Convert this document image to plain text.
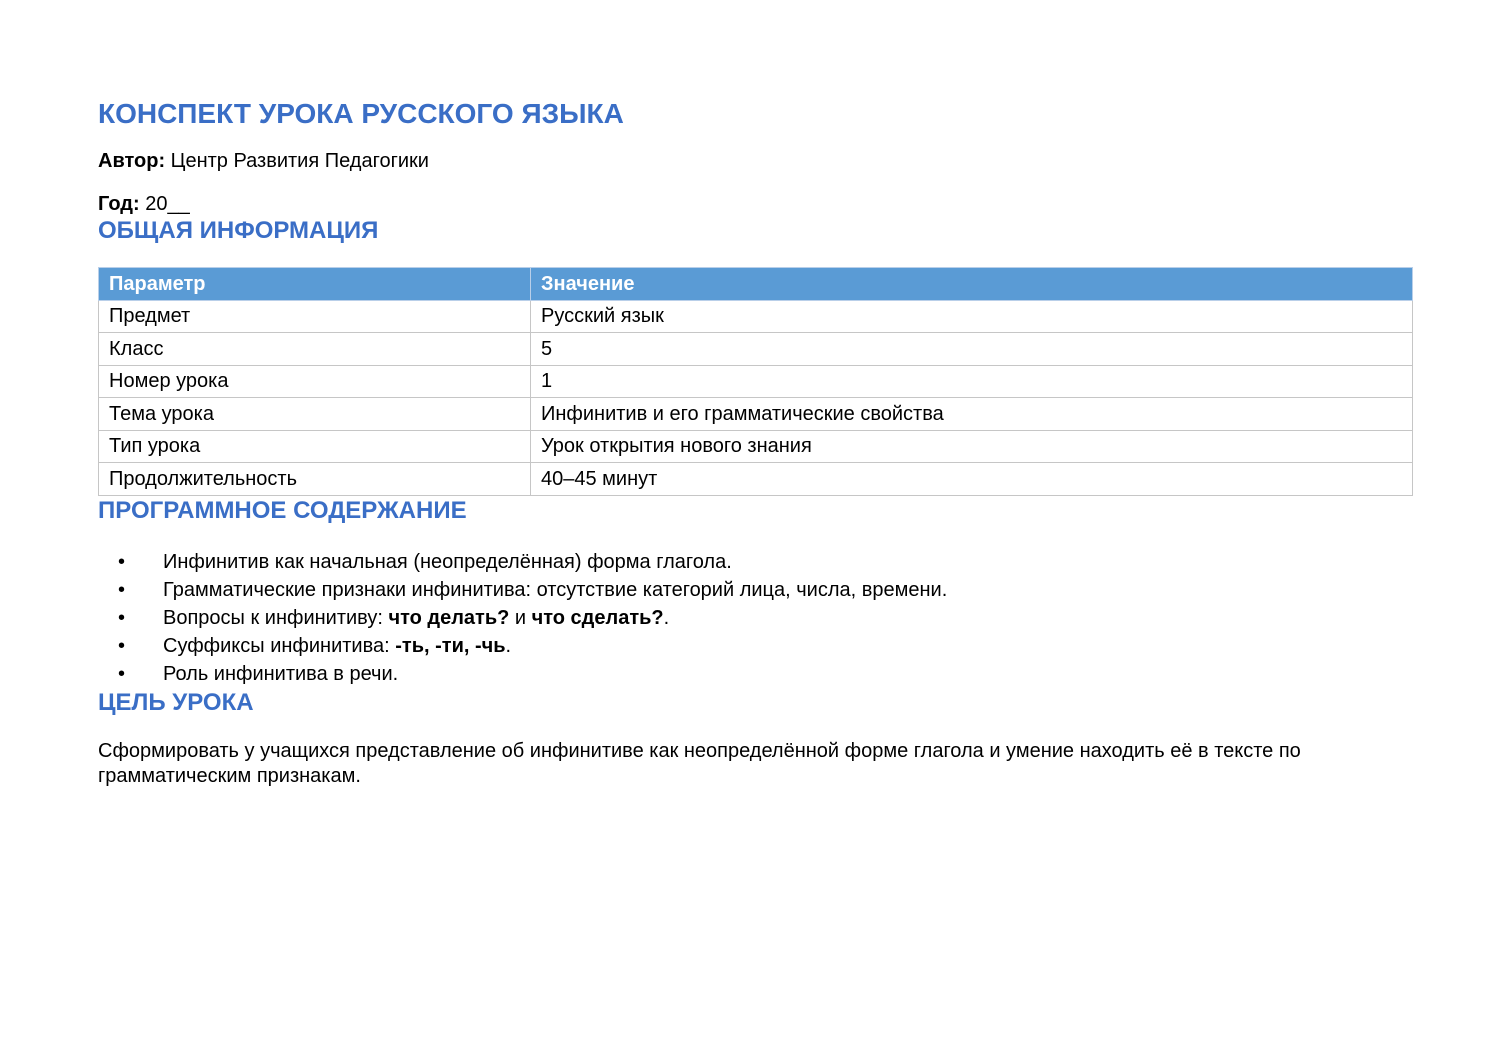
КОНСПЕКТ УРОКА РУССКОГО ЯЗЫКА

Автор: Центр Развития Педагогики

Год: 20__

ОБЩАЯ ИНФОРМАЦИЯ
Параметр	Значение
Предмет	Русский язык
Класс	5
Номер урока	1
Тема урока	Инфинитив и его грамматические свойства
Тип урока	Урок открытия нового знания
Продолжительность	40–45 минут
ПРОГРАММНОЕ СОДЕРЖАНИЕ
• Инфинитив как начальная (неопределённая) форма глагола.
• Грамматические признаки инфинитива: отсутствие категорий лица, числа, времени.
• Вопросы к инфинитиву: что делать? и что сделать?.
• Суффиксы инфинитива: -ть, -ти, -чь.
• Роль инфинитива в речи.
ЦЕЛЬ УРОКА

Сформировать у учащихся представление об инфинитиве как неопределённой форме глагола и умение находить её в тексте по грамматическим признакам.
